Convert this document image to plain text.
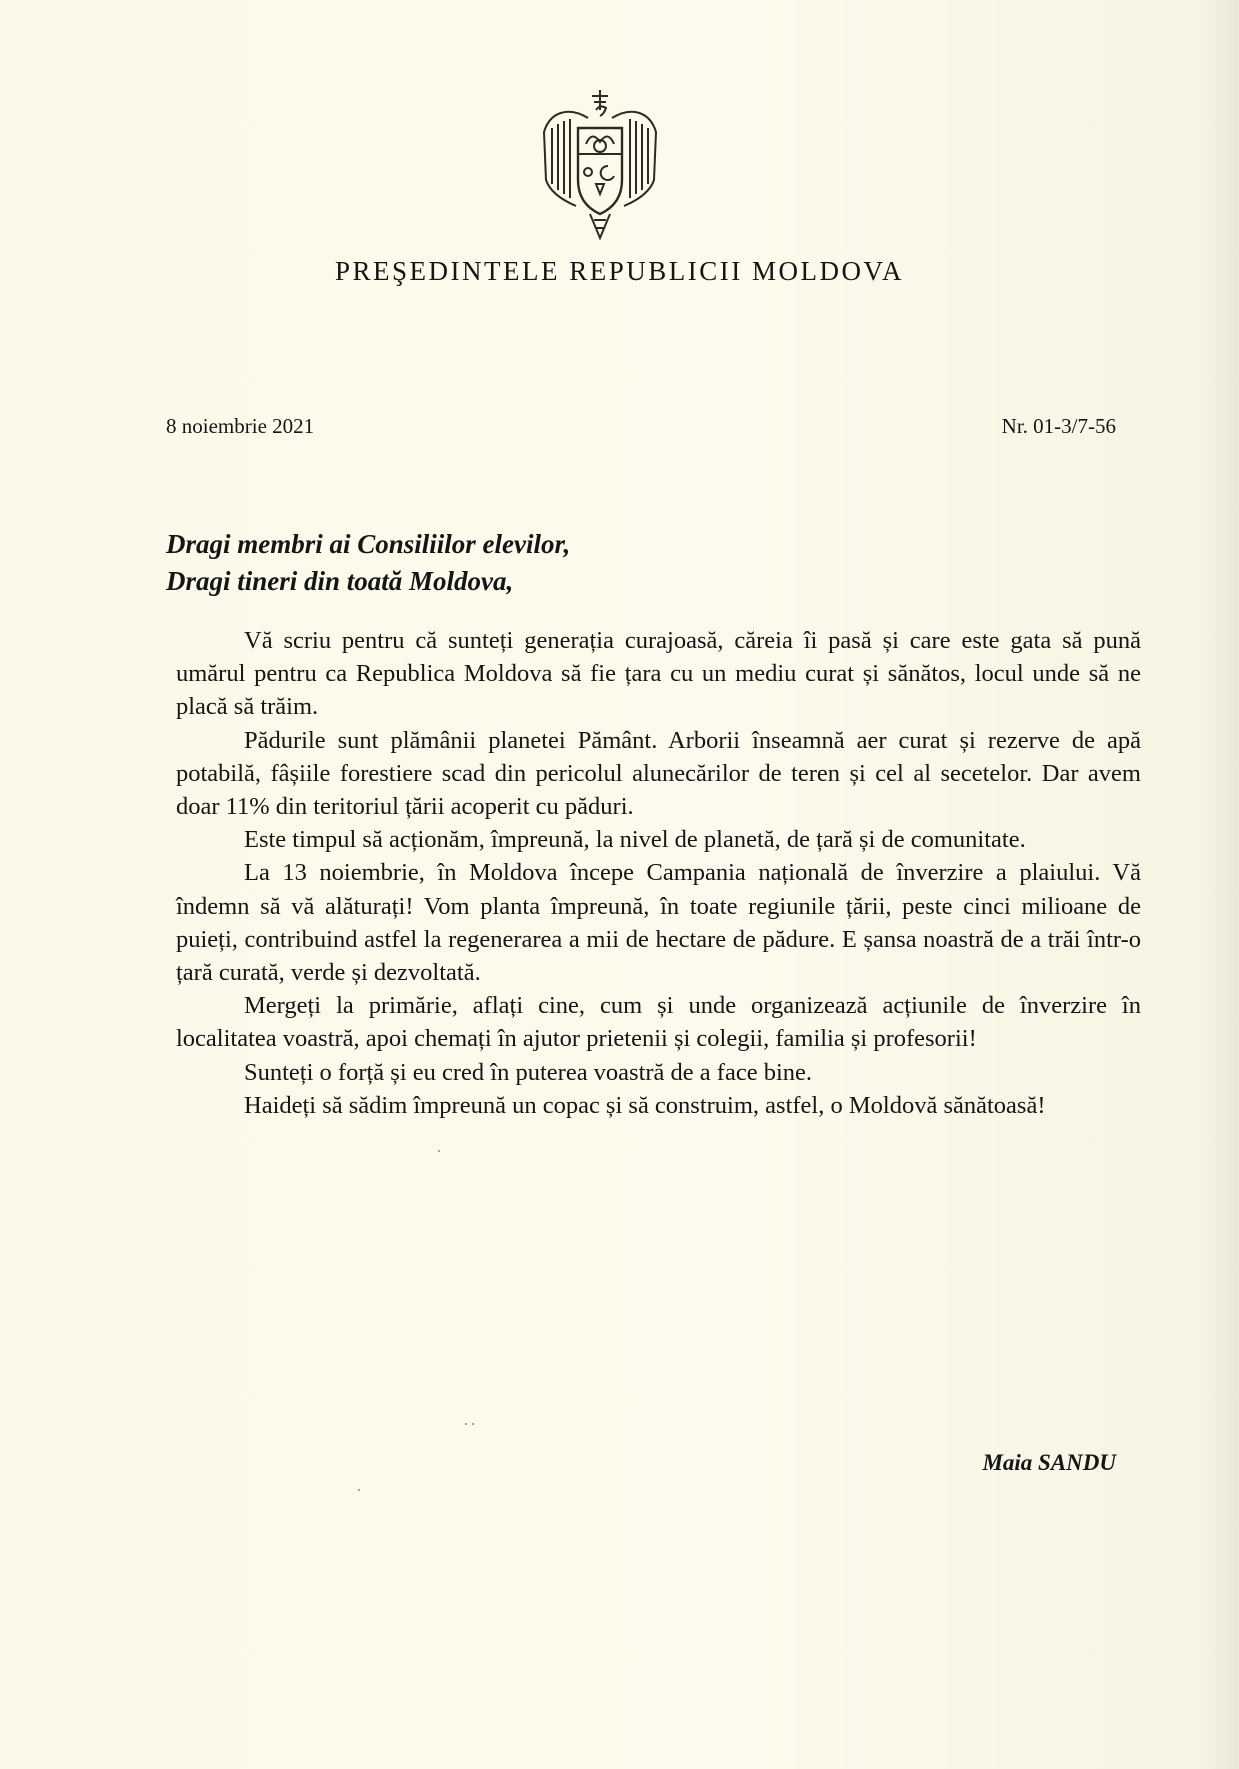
PREŞEDINTELE REPUBLICII MOLDOVA
8 noiembrie 2021	Nr. 01-3/7-56
Dragi membri ai Consiliilor elevilor,
Dragi tineri din toată Moldova,

Vă scriu pentru că sunteți generația curajoasă, căreia îi pasă și care este gata să pună umărul pentru ca Republica Moldova să fie țara cu un mediu curat și sănătos, locul unde să ne placă să trăim.

Pădurile sunt plămânii planetei Pământ. Arborii înseamnă aer curat și rezerve de apă potabilă, fâșiile forestiere scad din pericolul alunecărilor de teren și cel al secetelor. Dar avem doar 11% din teritoriul țării acoperit cu păduri.

Este timpul să acționăm, împreună, la nivel de planetă, de țară și de comunitate.

La 13 noiembrie, în Moldova începe Campania națională de înverzire a plaiului. Vă îndemn să vă alăturați! Vom planta împreună, în toate regiunile țării, peste cinci milioane de puieți, contribuind astfel la regenerarea a mii de hectare de pădure. E șansa noastră de a trăi într-o țară curată, verde și dezvoltată.

Mergeți la primărie, aflați cine, cum și unde organizează acțiunile de înverzire în localitatea voastră, apoi chemați în ajutor prietenii și colegii, familia și profesorii!

Sunteți o forță și eu cred în puterea voastră de a face bine.

Haideți să sădim împreună un copac și să construim, astfel, o Moldovă sănătoasă!

Maia SANDU
